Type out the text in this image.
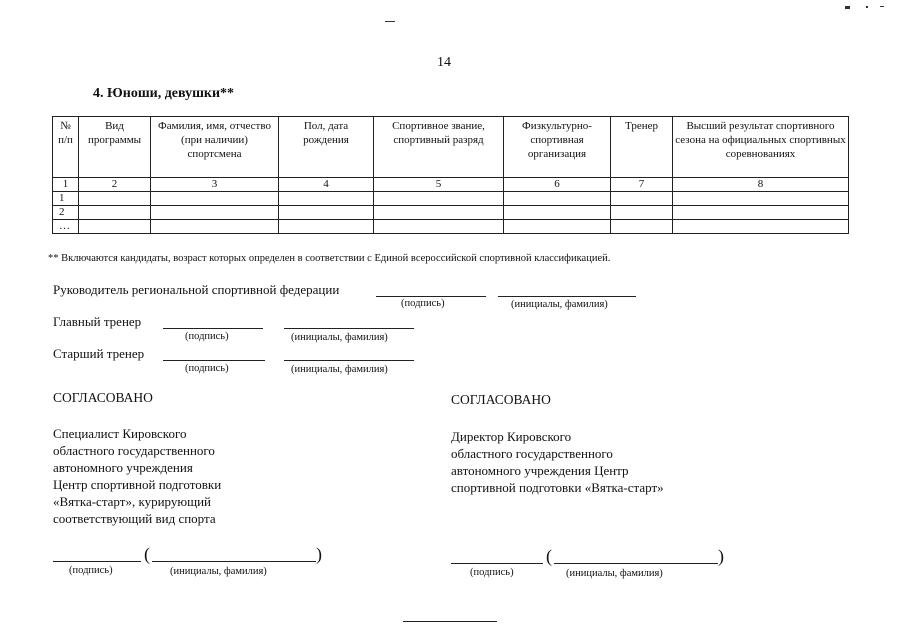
14
4. Юноши, девушки**
№ п/п	Вид программы	Фамилия, имя, отчество (при наличии) спортсмена	Пол, дата рождения	Спортивное звание, спортивный разряд	Физкультурно-спортивная организация	Тренер	Высший результат спортивного сезона на официальных спортивных соревнованиях
1	2	3	4	5	6	7	8
1							
2							
…							
** Включаются кандидаты, возраст которых определен в соответствии с Единой всероссийской спортивной классификацией.
Руководитель региональной спортивной федерации
(подпись)	(инициалы, фамилия)
Главный тренер
(подпись)	(инициалы, фамилия)
Старший тренер
(подпись)	(инициалы, фамилия)
СОГЛАСОВАНО
Специалист Кировского
областного государственного
автономного учреждения
Центр спортивной подготовки
«Вятка-старт», курирующий
соответствующий вид спорта
(	)
(подпись)	(инициалы, фамилия)
СОГЛАСОВАНО
Директор Кировского
областного государственного
автономного учреждения Центр
спортивной подготовки «Вятка-старт»
(	)
(подпись)	(инициалы, фамилия)
